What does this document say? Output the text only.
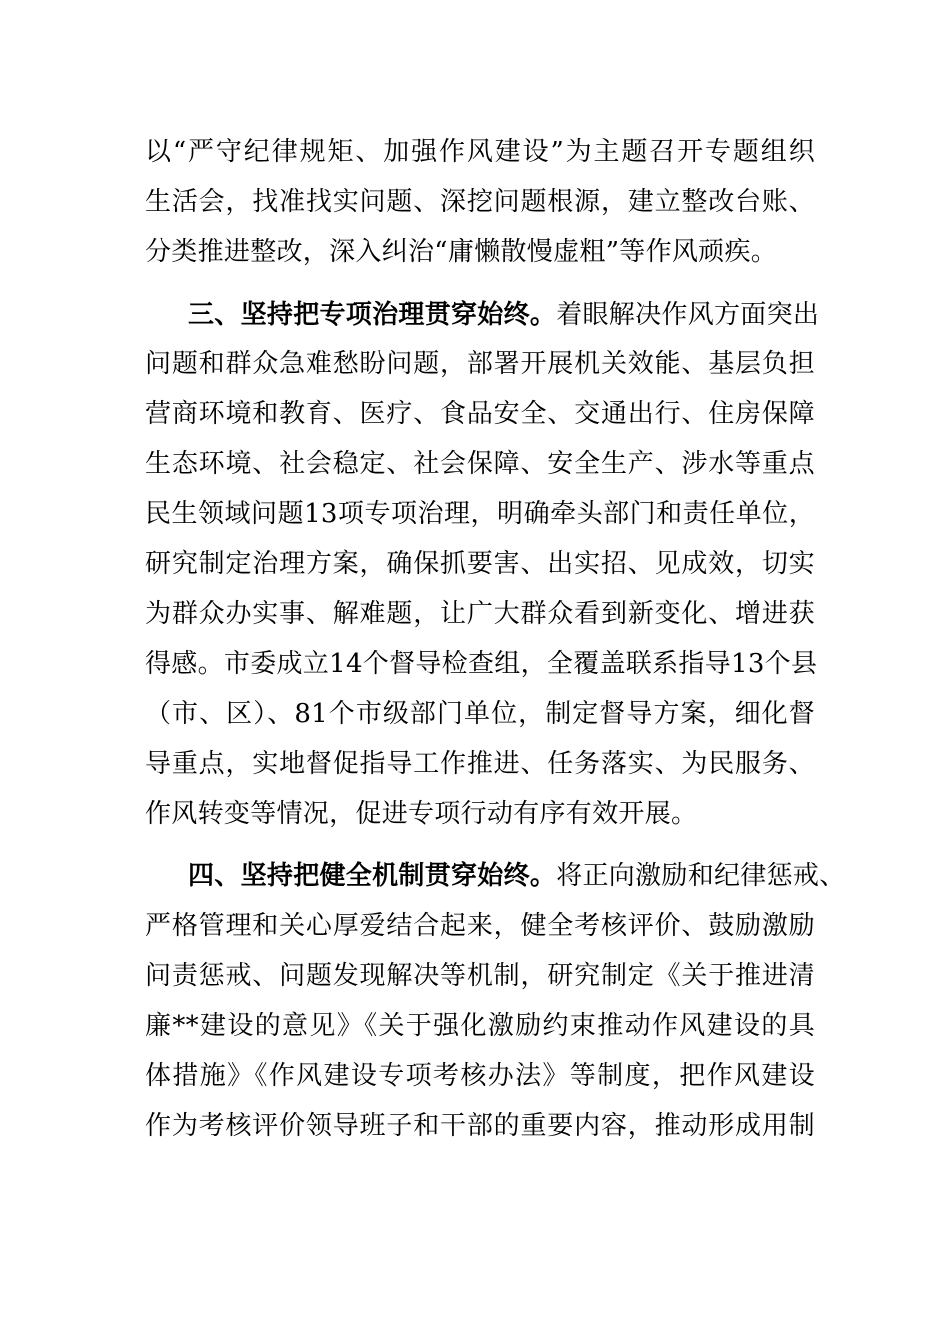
以“严守纪律规矩、加强作风建设”为主题召开专题组织
生活会，找准找实问题、深挖问题根源，建立整改台账、
分类推进整改，深入纠治“庸懒散慢虚粗”等作风顽疾。
三、坚持把专项治理贯穿始终。着眼解决作风方面突出
问题和群众急难愁盼问题，部署开展机关效能、基层负担
营商环境和教育、医疗、食品安全、交通出行、住房保障
生态环境、社会稳定、社会保障、安全生产、涉水等重点
民生领域问题13项专项治理，明确牵头部门和责任单位，
研究制定治理方案，确保抓要害、出实招、见成效，切实
为群众办实事、解难题，让广大群众看到新变化、增进获
得感。市委成立14个督导检查组，全覆盖联系指导13个县
（市、区）、81个市级部门单位，制定督导方案，细化督
导重点，实地督促指导工作推进、任务落实、为民服务、
作风转变等情况，促进专项行动有序有效开展。
四、坚持把健全机制贯穿始终。将正向激励和纪律惩戒、
严格管理和关心厚爱结合起来，健全考核评价、鼓励激励
问责惩戒、问题发现解决等机制，研究制定《关于推进清
廉**建设的意见》《关于强化激励约束推动作风建设的具
体措施》《作风建设专项考核办法》等制度，把作风建设
作为考核评价领导班子和干部的重要内容，推动形成用制
